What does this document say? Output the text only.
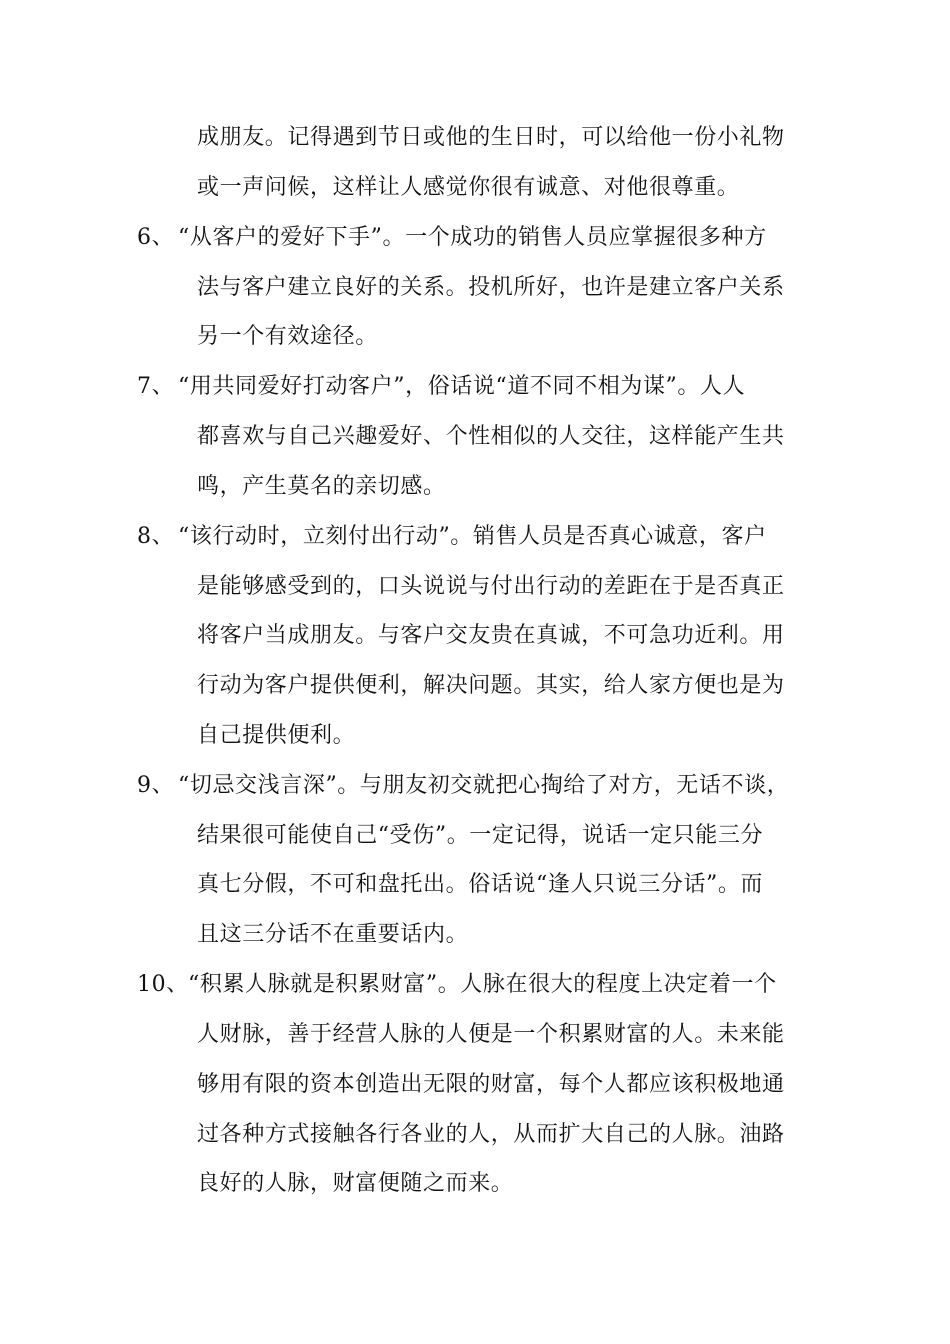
成朋友。记得遇到节日或他的生日时，可以给他一份小礼物
或一声问候，这样让人感觉你很有诚意、对他很尊重。
6、 “从客户的爱好下手”。一个成功的销售人员应掌握很多种方
法与客户建立良好的关系。投机所好，也许是建立客户关系
另一个有效途径。
7、 “用共同爱好打动客户”，俗话说“道不同不相为谋”。人人
都喜欢与自己兴趣爱好、个性相似的人交往，这样能产生共
鸣，产生莫名的亲切感。
8、 “该行动时，立刻付出行动”。销售人员是否真心诚意，客户
是能够感受到的，口头说说与付出行动的差距在于是否真正
将客户当成朋友。与客户交友贵在真诚，不可急功近利。用
行动为客户提供便利，解决问题。其实，给人家方便也是为
自己提供便利。
9、 “切忌交浅言深”。与朋友初交就把心掏给了对方，无话不谈，
结果很可能使自己“受伤”。一定记得，说话一定只能三分
真七分假，不可和盘托出。俗话说“逢人只说三分话”。而
且这三分话不在重要话内。
10、 “积累人脉就是积累财富”。人脉在很大的程度上决定着一个
人财脉，善于经营人脉的人便是一个积累财富的人。未来能
够用有限的资本创造出无限的财富，每个人都应该积极地通
过各种方式接触各行各业的人，从而扩大自己的人脉。油路
良好的人脉，财富便随之而来。
